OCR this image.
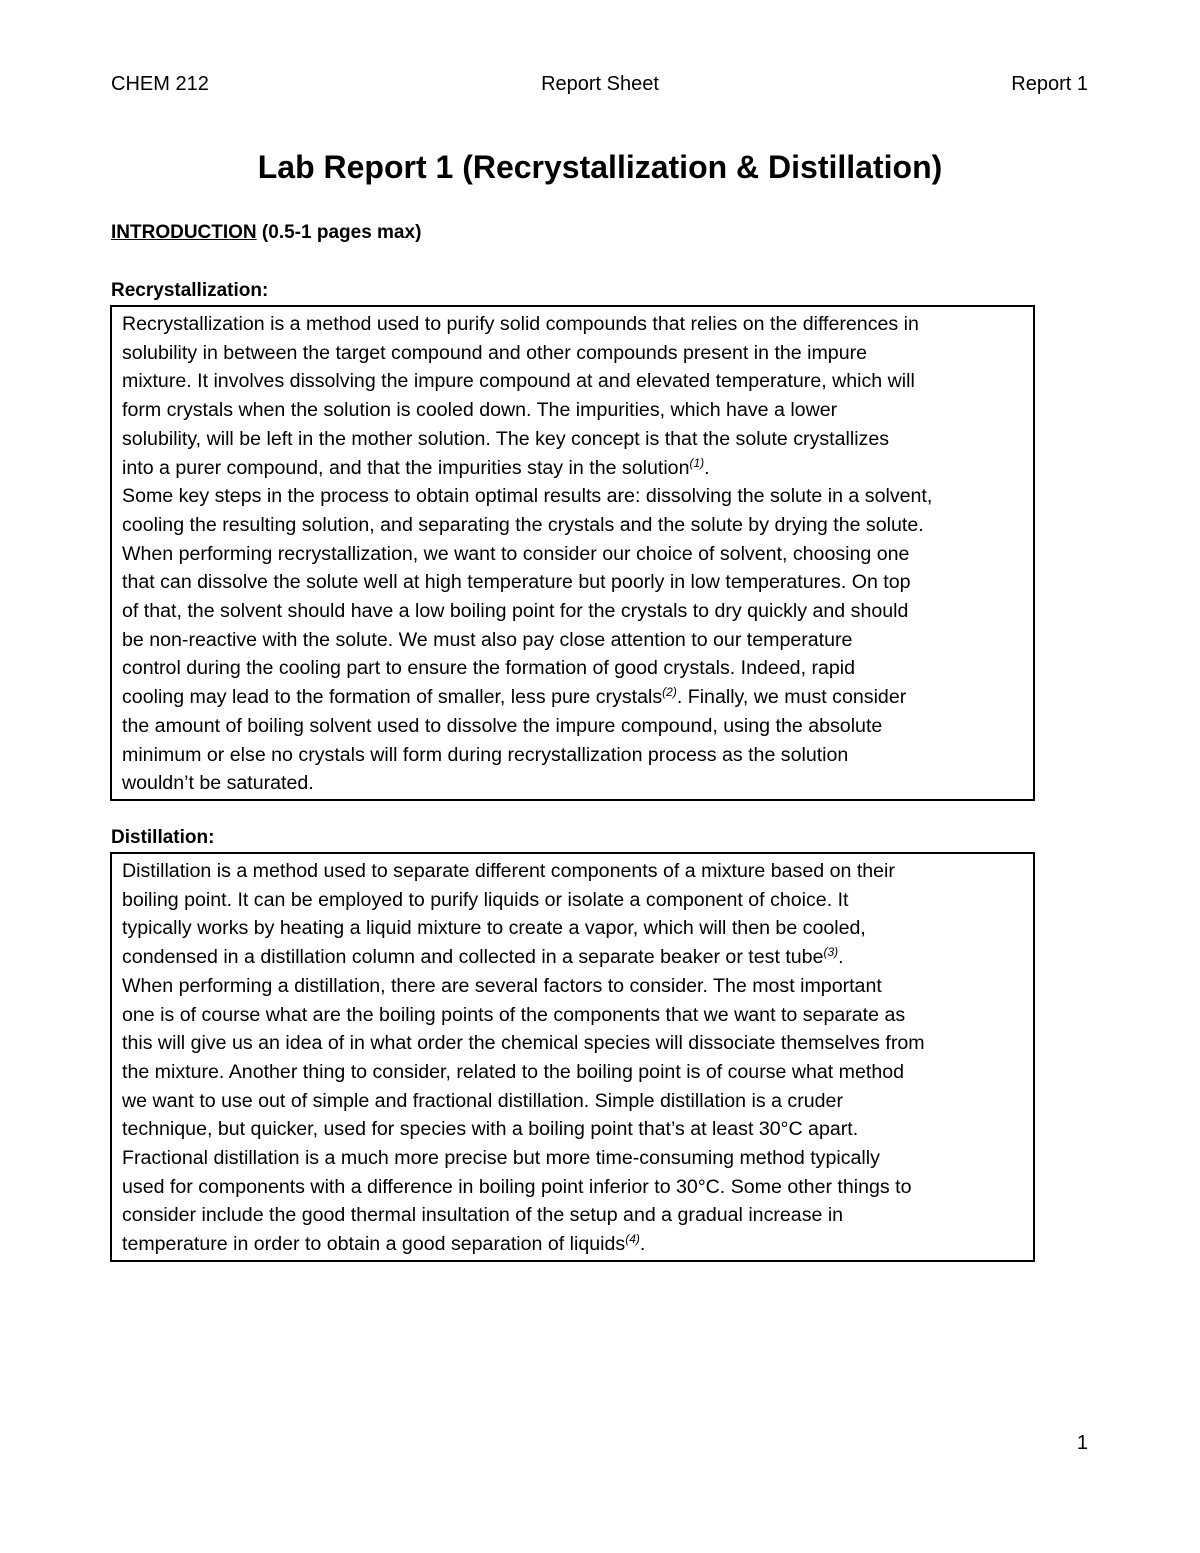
CHEM 212	Report Sheet	Report 1
Lab Report 1 (Recrystallization & Distillation)
INTRODUCTION (0.5-1 pages max)
Recrystallization:
Recrystallization is a method used to purify solid compounds that relies on the differences in
solubility in between the target compound and other compounds present in the impure
mixture. It involves dissolving the impure compound at and elevated temperature, which will
form crystals when the solution is cooled down. The impurities, which have a lower
solubility, will be left in the mother solution. The key concept is that the solute crystallizes
into a purer compound, and that the impurities stay in the solution$^{(1)}$.
Some key steps in the process to obtain optimal results are: dissolving the solute in a solvent,
cooling the resulting solution, and separating the crystals and the solute by drying the solute.
When performing recrystallization, we want to consider our choice of solvent, choosing one
that can dissolve the solute well at high temperature but poorly in low temperatures. On top
of that, the solvent should have a low boiling point for the crystals to dry quickly and should
be non-reactive with the solute. We must also pay close attention to our temperature
control during the cooling part to ensure the formation of good crystals. Indeed, rapid
cooling may lead to the formation of smaller, less pure crystals$^{(2)}$. Finally, we must consider
the amount of boiling solvent used to dissolve the impure compound, using the absolute
minimum or else no crystals will form during recrystallization process as the solution
wouldn’t be saturated.
Distillation:
Distillation is a method used to separate different components of a mixture based on their
boiling point. It can be employed to purify liquids or isolate a component of choice. It
typically works by heating a liquid mixture to create a vapor, which will then be cooled,
condensed in a distillation column and collected in a separate beaker or test tube$^{(3)}$.
When performing a distillation, there are several factors to consider. The most important
one is of course what are the boiling points of the components that we want to separate as
this will give us an idea of in what order the chemical species will dissociate themselves from
the mixture. Another thing to consider, related to the boiling point is of course what method
we want to use out of simple and fractional distillation. Simple distillation is a cruder
technique, but quicker, used for species with a boiling point that’s at least 30°C apart.
Fractional distillation is a much more precise but more time-consuming method typically
used for components with a difference in boiling point inferior to 30°C. Some other things to
consider include the good thermal insultation of the setup and a gradual increase in
temperature in order to obtain a good separation of liquids$^{(4)}$.
1
